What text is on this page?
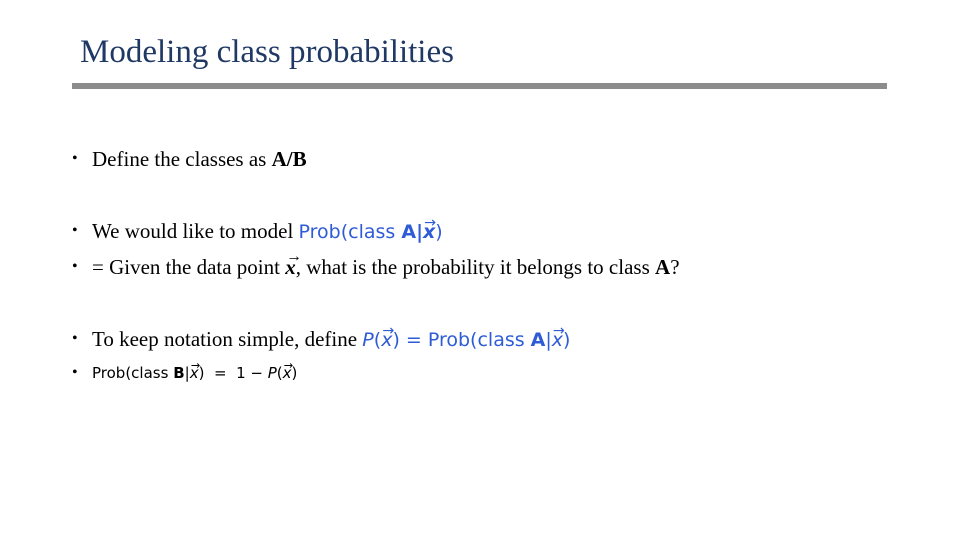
Modeling class probabilities
• Define the classes as A/B
• We would like to model Prob(class A|→ x)
• = Given the data point → x, what is the probability it belongs to class A?
• To keep notation simple, define P(→ x) = Prob(class A|→ x)
• Prob(class B|→ x)  =  1 − P(→ x)
